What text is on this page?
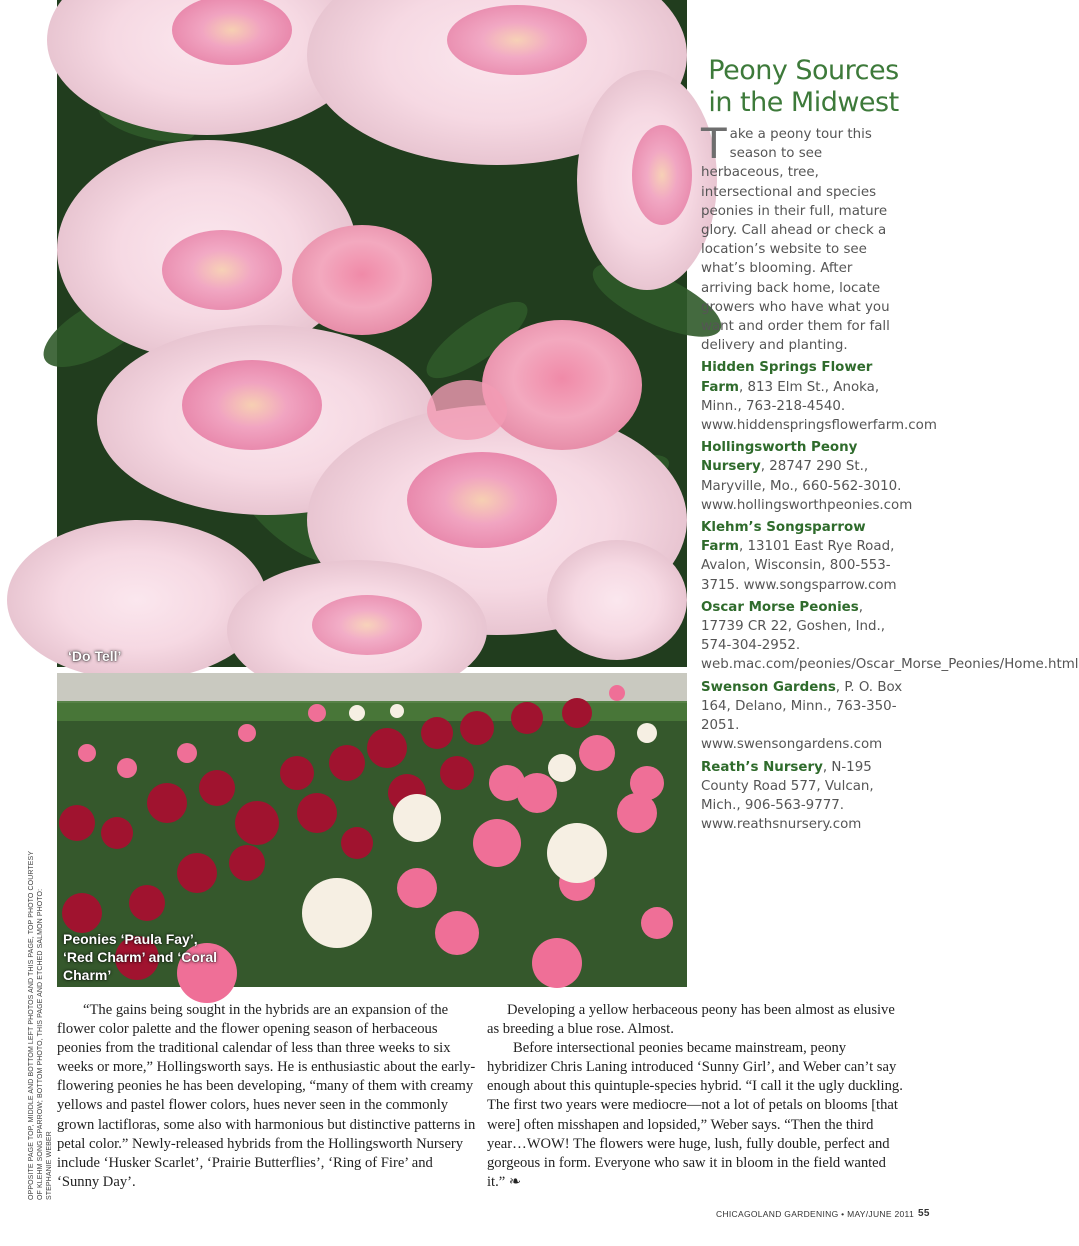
‘Do Tell’
Peonies ‘Paula Fay’, ‘Red Charm’ and ‘Coral Charm’
OPPOSITE PAGE TOP, MIDDLE AND BOTTOM LEFT PHOTOS AND THIS PAGE, TOP PHOTO COURTESY OF KLEHM SONG SPARROW; BOTTOM PHOTO, THIS PAGE AND ETCHED SALMON PHOTO: STEPHANIE WEBER
Peony Sources in the Midwest

Take a peony tour this season to see herbaceous, tree, intersectional and species peonies in their full, mature glory. Call ahead or check a location’s website to see what’s blooming. After arriving back home, locate growers who have what you want and order them for fall delivery and planting.

Hidden Springs Flower Farm, 813 Elm St., Anoka, Minn., 763-218-4540. www.hiddenspringsflowerfarm.com

Hollingsworth Peony Nursery, 28747 290 St., Maryville, Mo., 660-562-3010. www.hollingsworthpeonies.com

Klehm’s Songsparrow Farm, 13101 East Rye Road, Avalon, Wisconsin, 800-553-3715. www.songsparrow.com

Oscar Morse Peonies, 17739 CR 22, Goshen, Ind., 574-304-2952. web.mac.com/peonies/Oscar_Morse_Peonies/Home.html

Swenson Gardens, P. O. Box 164, Delano, Minn., 763-350-2051. www.swensongardens.com

Reath’s Nursery, N-195 County Road 577, Vulcan, Mich., 906-563-9777. www.reathsnursery.com

“The gains being sought in the hybrids are an expansion of the flower color palette and the flower opening season of herbaceous peonies from the traditional calendar of less than three weeks to six weeks or more,” Hollingsworth says. He is enthusiastic about the early- flowering peonies he has been developing, “many of them with creamy yellows and pastel flower colors, hues never seen in the commonly grown lactifloras, some also with harmonious but distinctive patterns in petal color.” Newly-released hybrids from the Hollingsworth Nursery include ‘Husker Scarlet’, ‘Prairie Butterflies’, ‘Ring of Fire’ and ‘Sunny Day’.

Developing a yellow herbaceous peony has been almost as elusive as breeding a blue rose. Almost.

Before intersectional peonies became mainstream, peony hybridizer Chris Laning introduced ‘Sunny Girl’, and Weber can’t say enough about this quintuple-species hybrid. “I call it the ugly duckling. The first two years were mediocre—not a lot of petals on blooms [that were] often misshapen and lopsided,” Weber says. “Then the third year…WOW! The flowers were huge, lush, fully double, perfect and gorgeous in form. Everyone who saw it in bloom in the field wanted it.” ❧

CHICAGOLAND GARDENING • MAY/JUNE 2011 55
